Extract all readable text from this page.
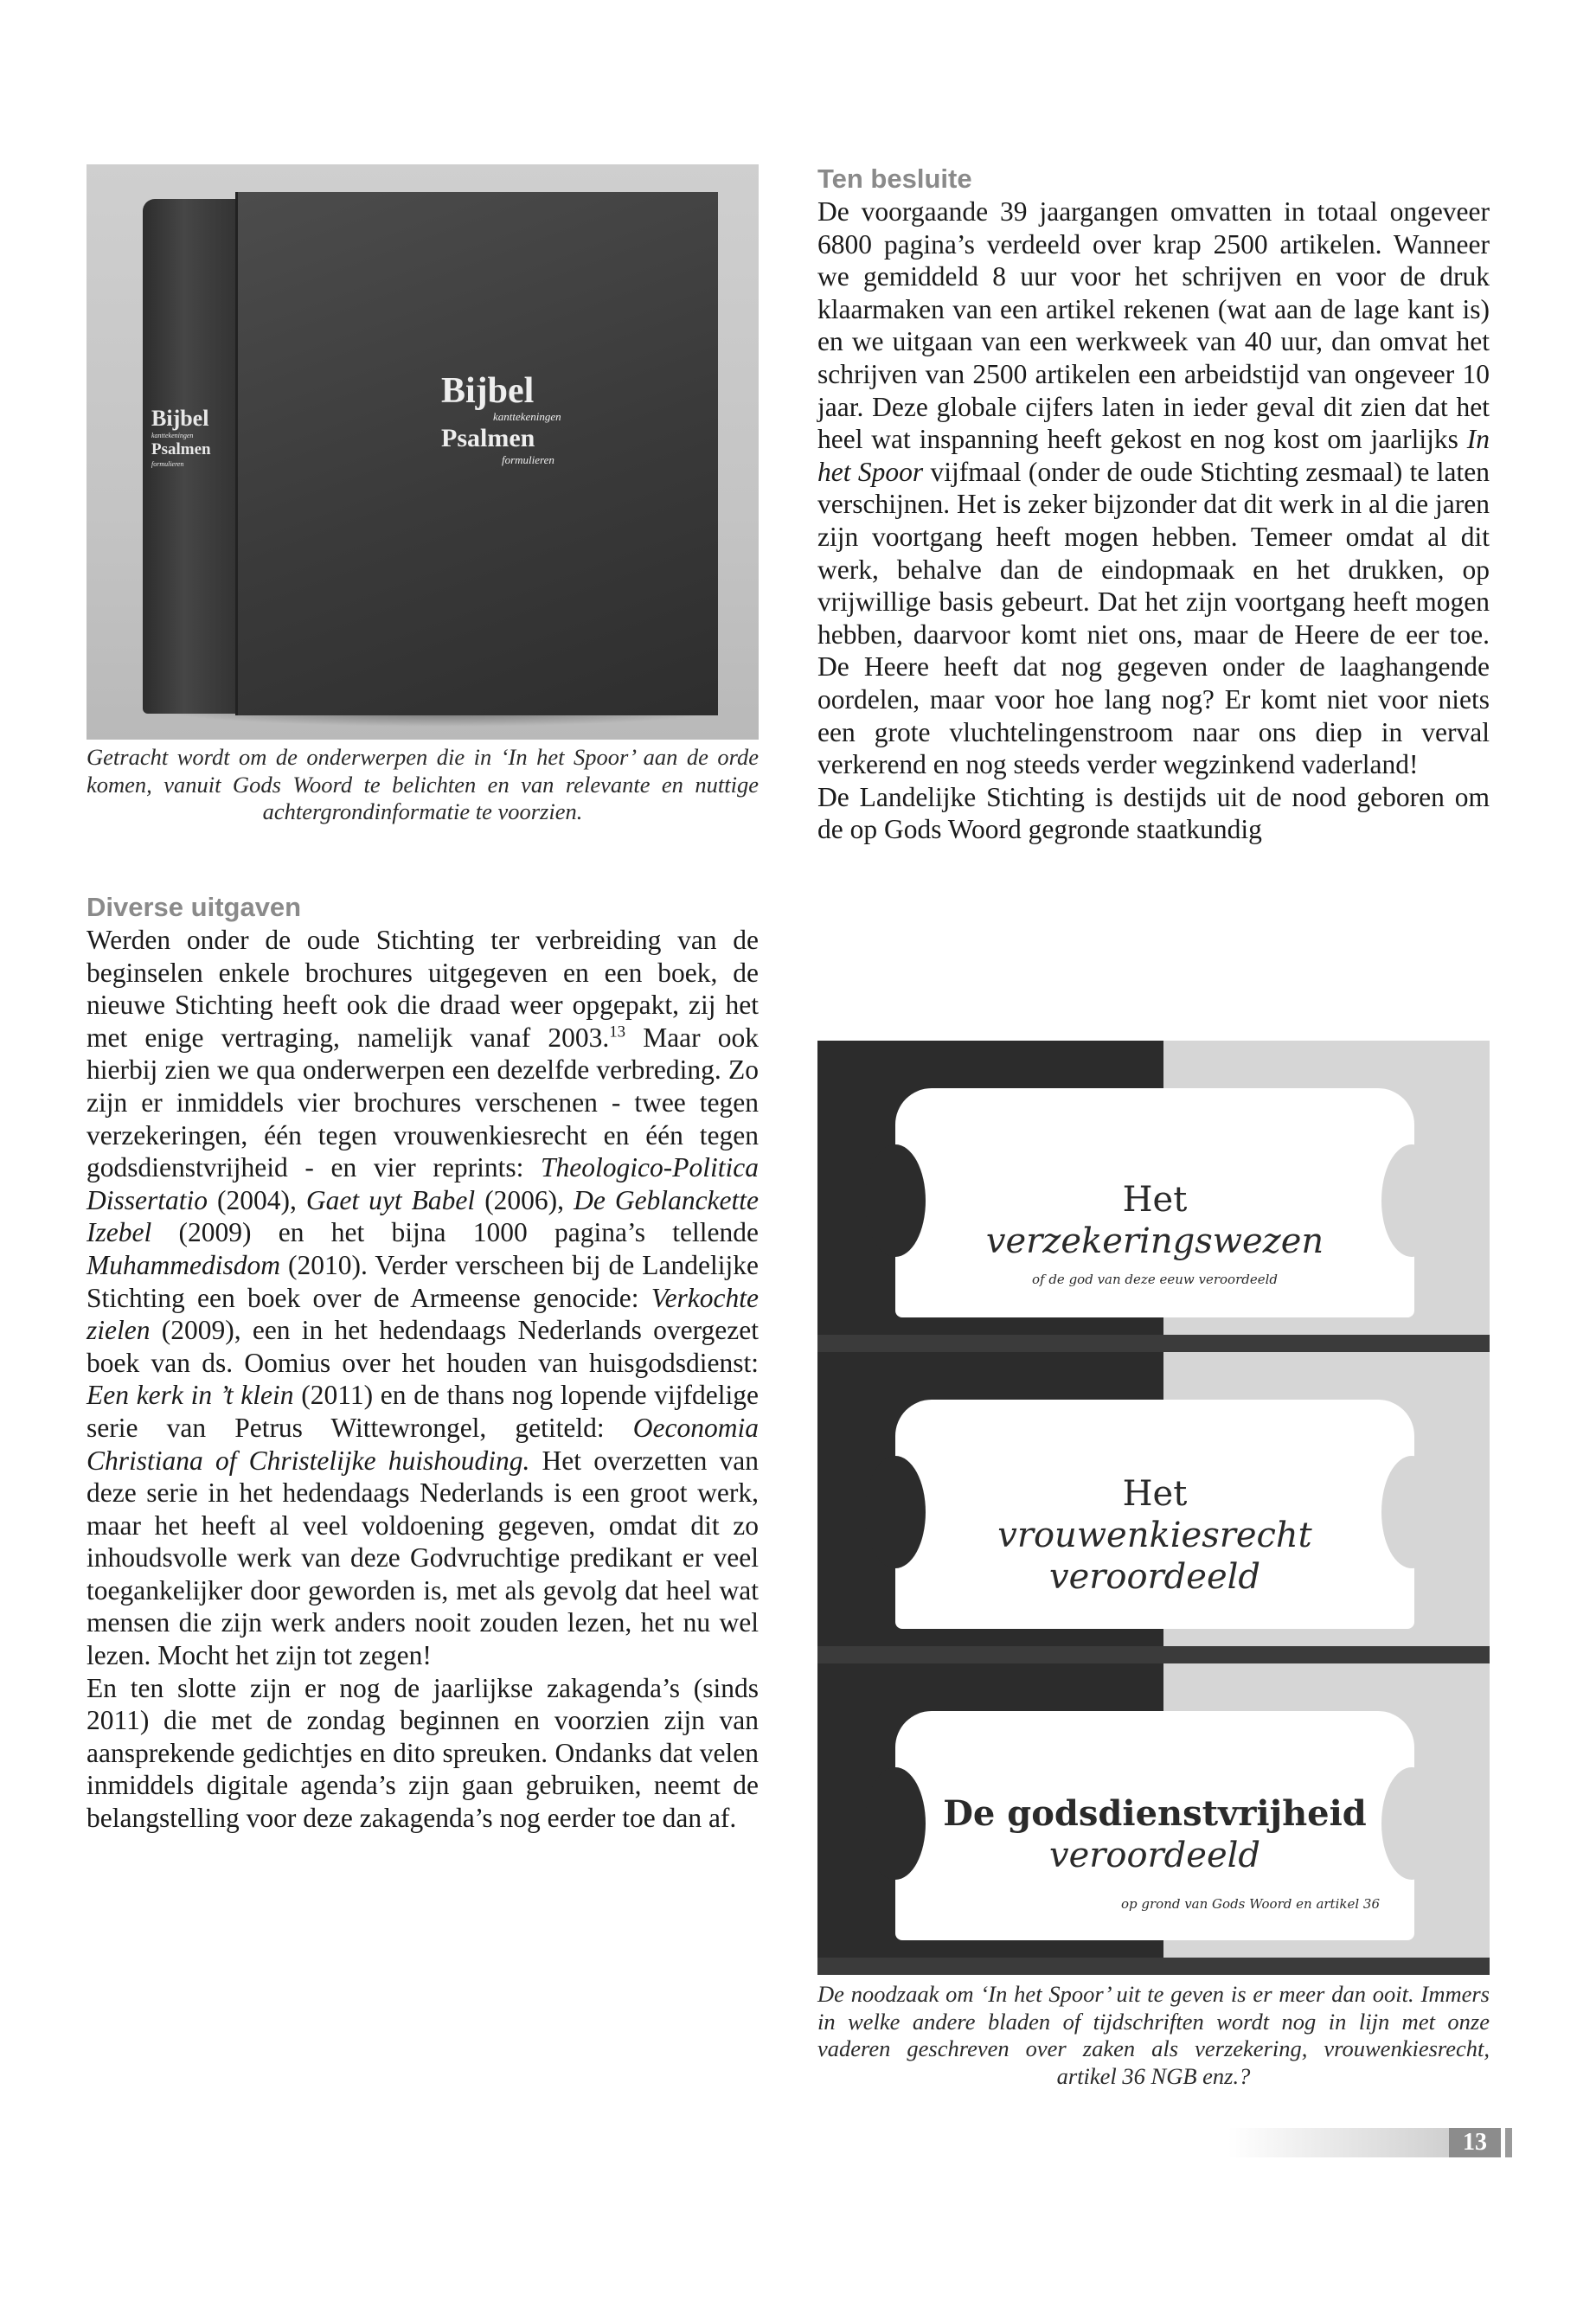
Bijbel
kanttekeningen
Psalmen
formulieren
Bijbel
kanttekeningen
Psalmen
formulieren

Getracht wordt om de onderwerpen die in ‘In het Spoor’ aan de orde komen, vanuit Gods Woord te belichten en van relevante en nuttige achtergrondinformatie te voorzien.

Diverse uitgaven

Werden onder de oude Stichting ter verbreiding van de beginselen enkele brochures uitgegeven en een boek, de nieuwe Stichting heeft ook die draad weer opgepakt, zij het met enige vertraging, namelijk vanaf 2003.13 Maar ook hierbij zien we qua onderwerpen een dezelfde verbreding. Zo zijn er inmiddels vier brochures verschenen - twee tegen verzekeringen, één tegen vrouwenkiesrecht en één tegen godsdienstvrijheid - en vier reprints: Theologico-Politica Dissertatio (2004), Gaet uyt Babel (2006), De Geblanckette Izebel (2009) en het bijna 1000 pagina’s tellende Muhammedisdom (2010). Verder verscheen bij de Landelijke Stichting een boek over de Armeense genocide: Verkochte zielen (2009), een in het hedendaags Nederlands overgezet boek van ds. Oomius over het houden van huisgodsdienst: Een kerk in ’t klein (2011) en de thans nog lopende vijfdelige serie van Petrus Wittewrongel, getiteld: Oeconomia Christiana of Christelijke huishouding. Het overzetten van deze serie in het hedendaags Nederlands is een groot werk, maar het heeft al veel voldoening gegeven, omdat dit zo inhoudsvolle werk van deze Godvruchtige predikant er veel toegankelijker door geworden is, met als gevolg dat heel wat mensen die zijn werk anders nooit zouden lezen, het nu wel lezen. Mocht het zijn tot zegen!

En ten slotte zijn er nog de jaarlijkse zakagenda’s (sinds 2011) die met de zondag beginnen en voorzien zijn van aansprekende gedichtjes en dito spreuken. Ondanks dat velen inmiddels digitale agenda’s zijn gaan gebruiken, neemt de belangstelling voor deze zakagenda’s nog eerder toe dan af.

Ten besluite

De voorgaande 39 jaargangen omvatten in totaal ongeveer 6800 pagina’s verdeeld over krap 2500 artikelen. Wanneer we gemiddeld 8 uur voor het schrijven en voor de druk klaarmaken van een artikel rekenen (wat aan de lage kant is) en we uitgaan van een werkweek van 40 uur, dan omvat het schrijven van 2500 artikelen een arbeidstijd van ongeveer 10 jaar. Deze globale cijfers laten in ieder geval dit zien dat het heel wat inspanning heeft gekost en nog kost om jaarlijks In het Spoor vijfmaal (onder de oude Stichting zesmaal) te laten verschijnen. Het is zeker bijzonder dat dit werk in al die jaren zijn voortgang heeft mogen hebben. Temeer omdat al dit werk, behalve dan de eindopmaak en het drukken, op vrijwillige basis gebeurt. Dat het zijn voortgang heeft mogen hebben, daarvoor komt niet ons, maar de Heere de eer toe. De Heere heeft dat nog gegeven onder de laaghangende oordelen, maar voor hoe lang nog? Er komt niet voor niets een grote vluchtelingenstroom naar ons diep in verval verkerend en nog steeds verder wegzinkend vaderland!

De Landelijke Stichting is destijds uit de nood geboren om de op Gods Woord gegronde staatkundig

Het
verzekeringswezen
of de god van deze eeuw veroordeeld
Het
vrouwenkiesrecht
veroordeeld
De godsdienstvrijheid
veroordeeld
op grond van Gods Woord en artikel 36

De noodzaak om ‘In het Spoor’ uit te geven is er meer dan ooit. Immers in welke andere bladen of tijdschriften wordt nog in lijn met onze vaderen geschreven over zaken als verzekering, vrouwenkiesrecht, artikel 36 NGB enz.?

13
